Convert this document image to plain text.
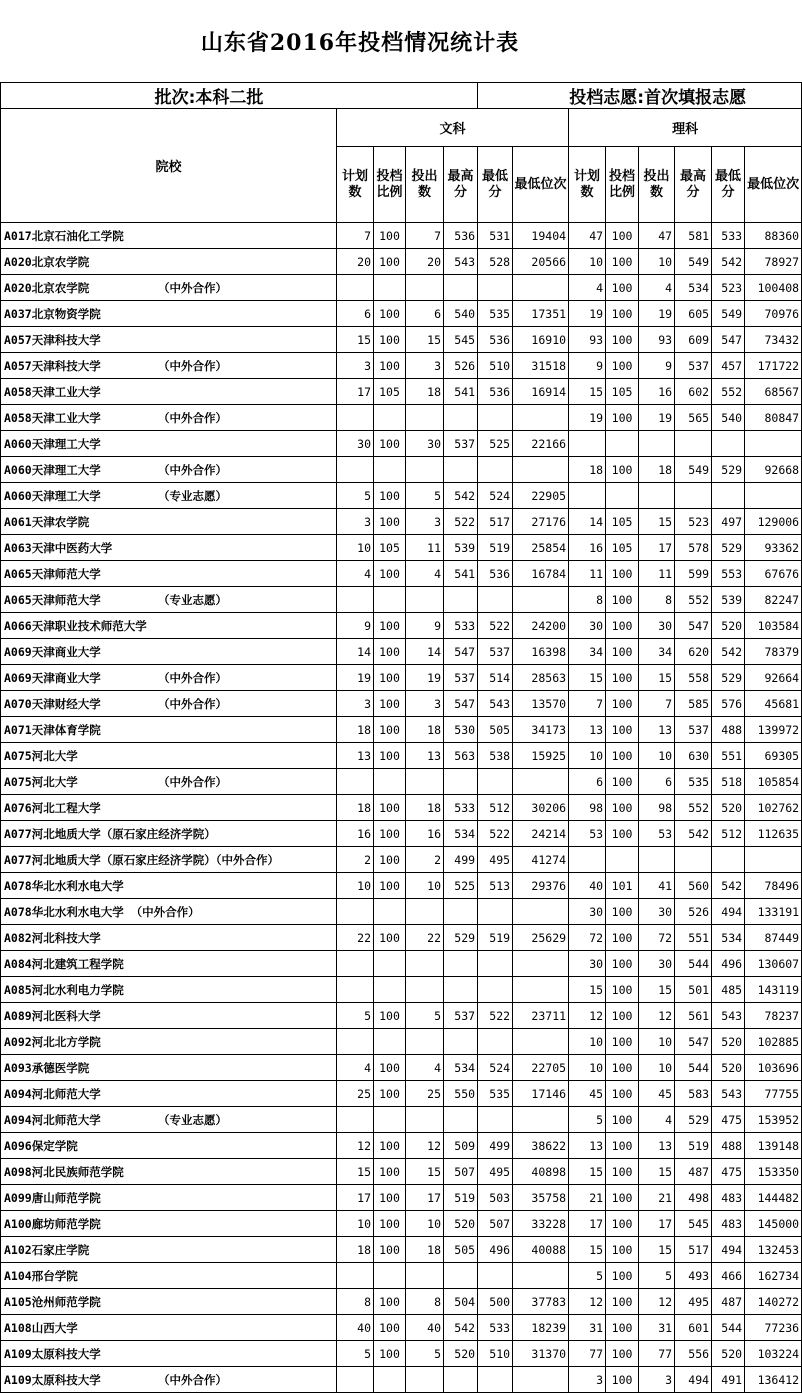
山东省2016年投档情况统计表
批次:本科二批					投档志愿:首次填报志愿							
院校	文科						理科					
	计划数	投档比例	投出数	最高分	最低分	最低位次	计划数	投档比例	投出数	最高分	最低分	最低位次
A017北京石油化工学院	7	100	7	536	531	19404	47	100	47	581	533	88360
A020北京农学院	20	100	20	543	528	20566	10	100	10	549	542	78927
A020北京农学院 （中外合作）							4	100	4	534	523	100408
A037北京物资学院	6	100	6	540	535	17351	19	100	19	605	549	70976
A057天津科技大学	15	100	15	545	536	16910	93	100	93	609	547	73432
A057天津科技大学 （中外合作）	3	100	3	526	510	31518	9	100	9	537	457	171722
A058天津工业大学	17	105	18	541	536	16914	15	105	16	602	552	68567
A058天津工业大学 （中外合作）							19	100	19	565	540	80847
A060天津理工大学	30	100	30	537	525	22166						
A060天津理工大学 （中外合作）							18	100	18	549	529	92668
A060天津理工大学 （专业志愿）	5	100	5	542	524	22905						
A061天津农学院	3	100	3	522	517	27176	14	105	15	523	497	129006
A063天津中医药大学	10	105	11	539	519	25854	16	105	17	578	529	93362
A065天津师范大学	4	100	4	541	536	16784	11	100	11	599	553	67676
A065天津师范大学 （专业志愿）							8	100	8	552	539	82247
A066天津职业技术师范大学	9	100	9	533	522	24200	30	100	30	547	520	103584
A069天津商业大学	14	100	14	547	537	16398	34	100	34	620	542	78379
A069天津商业大学 （中外合作）	19	100	19	537	514	28563	15	100	15	558	529	92664
A070天津财经大学 （中外合作）	3	100	3	547	543	13570	7	100	7	585	576	45681
A071天津体育学院	18	100	18	530	505	34173	13	100	13	537	488	139972
A075河北大学	13	100	13	563	538	15925	10	100	10	630	551	69305
A075河北大学 （中外合作）							6	100	6	535	518	105854
A076河北工程大学	18	100	18	533	512	30206	98	100	98	552	520	102762
A077河北地质大学（原石家庄经济学院）	16	100	16	534	522	24214	53	100	53	542	512	112635
A077河北地质大学（原石家庄经济学院）（中外合作）	2	100	2	499	495	41274						
A078华北水利水电大学	10	100	10	525	513	29376	40	101	41	560	542	78496
A078华北水利水电大学 （中外合作）							30	100	30	526	494	133191
A082河北科技大学	22	100	22	529	519	25629	72	100	72	551	534	87449
A084河北建筑工程学院							30	100	30	544	496	130607
A085河北水利电力学院							15	100	15	501	485	143119
A089河北医科大学	5	100	5	537	522	23711	12	100	12	561	543	78237
A092河北北方学院							10	100	10	547	520	102885
A093承德医学院	4	100	4	534	524	22705	10	100	10	544	520	103696
A094河北师范大学	25	100	25	550	535	17146	45	100	45	583	543	77755
A094河北师范大学 （专业志愿）							5	100	4	529	475	153952
A096保定学院	12	100	12	509	499	38622	13	100	13	519	488	139148
A098河北民族师范学院	15	100	15	507	495	40898	15	100	15	487	475	153350
A099唐山师范学院	17	100	17	519	503	35758	21	100	21	498	483	144482
A100廊坊师范学院	10	100	10	520	507	33228	17	100	17	545	483	145000
A102石家庄学院	18	100	18	505	496	40088	15	100	15	517	494	132453
A104邢台学院							5	100	5	493	466	162734
A105沧州师范学院	8	100	8	504	500	37783	12	100	12	495	487	140272
A108山西大学	40	100	40	542	533	18239	31	100	31	601	544	77236
A109太原科技大学	5	100	5	520	510	31370	77	100	77	556	520	103224
A109太原科技大学 （中外合作）							3	100	3	494	491	136412
